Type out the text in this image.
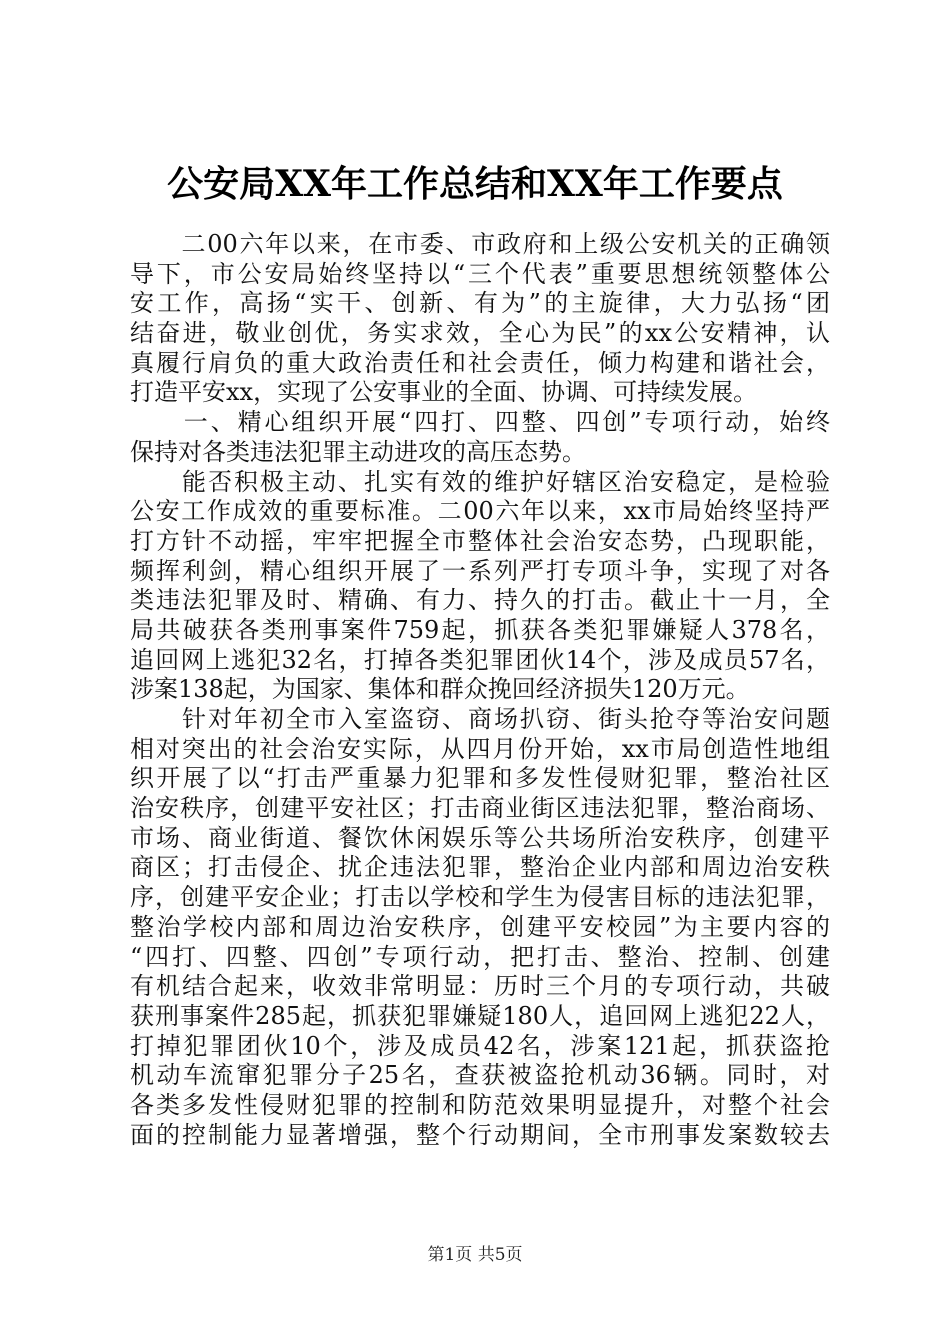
公安局XX年工作总结和XX年工作要点
　　二00六年以来，在市委、市政府和上级公安机关的正确领
导下，市公安局始终坚持以“三个代表”重要思想统领整体公
安工作，高扬“实干、创新、有为”的主旋律，大力弘扬“团
结奋进，敬业创优，务实求效，全心为民”的xx公安精神，认
真履行肩负的重大政治责任和社会责任，倾力构建和谐社会，
打造平安xx，实现了公安事业的全面、协调、可持续发展。
　　一、精心组织开展“四打、四整、四创”专项行动，始终
保持对各类违法犯罪主动进攻的高压态势。
　　能否积极主动、扎实有效的维护好辖区治安稳定，是检验
公安工作成效的重要标准。二00六年以来，xx市局始终坚持严
打方针不动摇，牢牢把握全市整体社会治安态势，凸现职能，
频挥利剑，精心组织开展了一系列严打专项斗争，实现了对各
类违法犯罪及时、精确、有力、持久的打击。截止十一月，全
局共破获各类刑事案件759起，抓获各类犯罪嫌疑人378名，
追回网上逃犯32名，打掉各类犯罪团伙14个，涉及成员57名，
涉案138起，为国家、集体和群众挽回经济损失120万元。
　　针对年初全市入室盗窃、商场扒窃、街头抢夺等治安问题
相对突出的社会治安实际，从四月份开始，xx市局创造性地组
织开展了以“打击严重暴力犯罪和多发性侵财犯罪，整治社区
治安秩序，创建平安社区；打击商业街区违法犯罪，整治商场、
市场、商业街道、餐饮休闲娱乐等公共场所治安秩序，创建平
商区；打击侵企、扰企违法犯罪，整治企业内部和周边治安秩
序，创建平安企业；打击以学校和学生为侵害目标的违法犯罪，
整治学校内部和周边治安秩序，创建平安校园”为主要内容的
“四打、四整、四创”专项行动，把打击、整治、控制、创建
有机结合起来，收效非常明显：历时三个月的专项行动，共破
获刑事案件285起，抓获犯罪嫌疑180人，追回网上逃犯22人，
打掉犯罪团伙10个，涉及成员42名，涉案121起，抓获盗抢
机动车流窜犯罪分子25名，查获被盗抢机动36辆。同时，对
各类多发性侵财犯罪的控制和防范效果明显提升，对整个社会
面的控制能力显著增强，整个行动期间，全市刑事发案数较去
第1页 共5页
